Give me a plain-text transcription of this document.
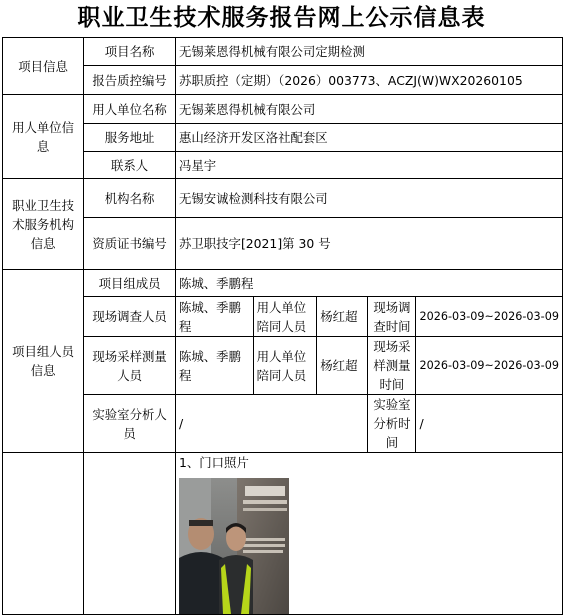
职业卫生技术服务报告网上公示信息表
项目信息	项目名称	无锡莱恩得机械有限公司定期检测				
	报告质控编号	苏职质控（定期）（2026）003773、ACZJ(W)WX20260105				
用人单位信息	用人单位名称	无锡莱恩得机械有限公司				
	服务地址	惠山经济开发区洛社配套区				
	联系人	冯星宇				
职业卫生技术服务机构信息	机构名称	无锡安诚检测科技有限公司				
	资质证书编号	苏卫职技字[2021]第 30 号				
项目组人员信息	项目组成员	陈城、季鹏程				
	现场调查人员	陈城、季鹏程	用人单位陪同人员	杨红超	现场调查时间	2026-03-09~2026-03-09
	现场采样测量人员	陈城、季鹏程	用人单位陪同人员	杨红超	现场采样测量时间	2026-03-09~2026-03-09
	实验室分析人员	/			实验室分析时间	/

		1、门口照片				
